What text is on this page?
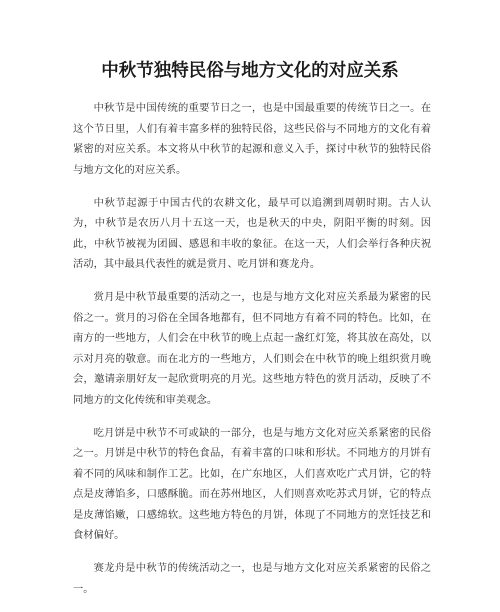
中秋节独特民俗与地方文化的对应关系

中秋节是中国传统的重要节日之一，也是中国最重要的传统节日之一。在这个节日里，人们有着丰富多样的独特民俗，这些民俗与不同地方的文化有着紧密的对应关系。本文将从中秋节的起源和意义入手，探讨中秋节的独特民俗与地方文化的对应关系。

中秋节起源于中国古代的农耕文化，最早可以追溯到周朝时期。古人认为，中秋节是农历八月十五这一天，也是秋天的中央，阴阳平衡的时刻。因此，中秋节被视为团圆、感恩和丰收的象征。在这一天，人们会举行各种庆祝活动，其中最具代表性的就是赏月、吃月饼和赛龙舟。

赏月是中秋节最重要的活动之一，也是与地方文化对应关系最为紧密的民俗之一。赏月的习俗在全国各地都有，但不同地方有着不同的特色。比如，在南方的一些地方，人们会在中秋节的晚上点起一盏红灯笼，将其放在高处，以示对月亮的敬意。而在北方的一些地方，人们则会在中秋节的晚上组织赏月晚会，邀请亲朋好友一起欣赏明亮的月光。这些地方特色的赏月活动，反映了不同地方的文化传统和审美观念。

吃月饼是中秋节不可或缺的一部分，也是与地方文化对应关系紧密的民俗之一。月饼是中秋节的特色食品，有着丰富的口味和形状。不同地方的月饼有着不同的风味和制作工艺。比如，在广东地区，人们喜欢吃广式月饼，它的特点是皮薄馅多，口感酥脆。而在苏州地区，人们则喜欢吃苏式月饼，它的特点是皮薄馅嫩，口感绵软。这些地方特色的月饼，体现了不同地方的烹饪技艺和食材偏好。

赛龙舟是中秋节的传统活动之一，也是与地方文化对应关系紧密的民俗之一。
